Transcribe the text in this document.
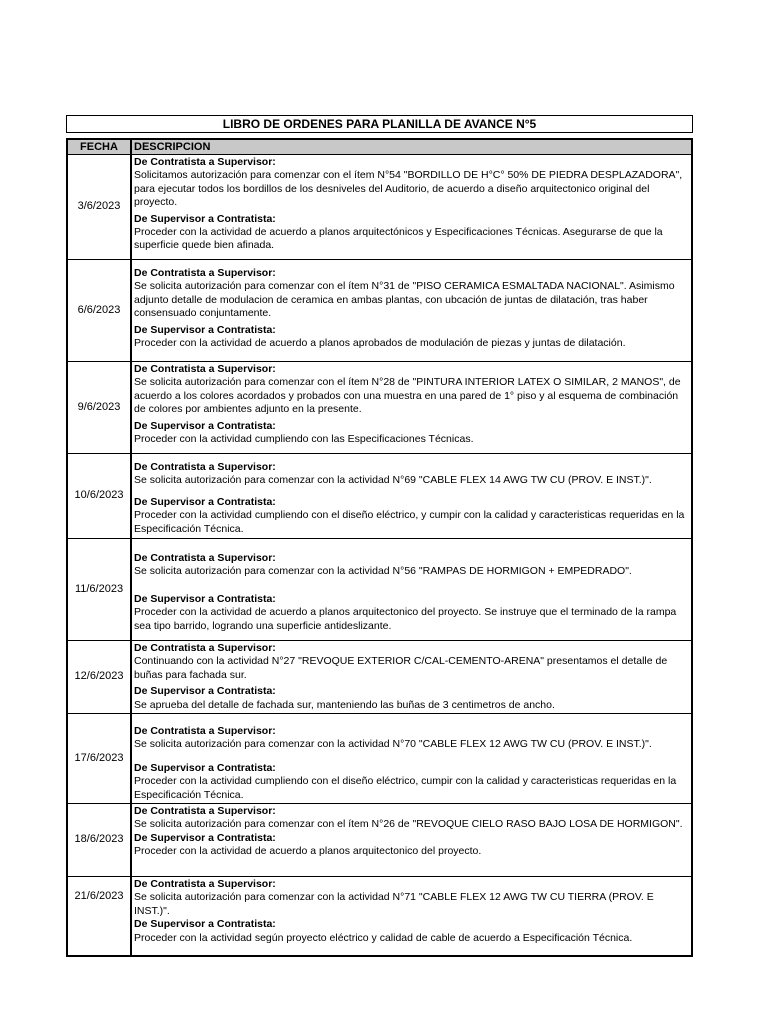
LIBRO DE ORDENES PARA PLANILLA DE AVANCE N°5
FECHA	DESCRIPCION
3/6/2023	De Contratista a Supervisor:
Solicitamos autorización para comenzar con el ítem N°54 "BORDILLO DE H°C° 50% DE PIEDRA DESPLAZADORA", para ejecutar todos los bordillos de los desniveles del Auditorio, de acuerdo a diseño arquitectonico original del proyecto.
De Supervisor a Contratista:
Proceder con la actividad de acuerdo a planos arquitectónicos y Especificaciones Técnicas. Asegurarse de que la superficie quede bien afinada.

6/6/2023	De Contratista a Supervisor:
Se solicita autorización para comenzar con el ítem N°31 de "PISO CERAMICA ESMALTADA NACIONAL". Asimismo adjunto detalle de modulacion de ceramica en ambas plantas, con ubcación de juntas de dilatación, tras haber consensuado conjuntamente.
De Supervisor a Contratista:
Proceder con la actividad de acuerdo a planos aprobados de modulación de piezas y juntas de dilatación.

9/6/2023	De Contratista a Supervisor:
Se solicita autorización para comenzar con el ítem N°28 de "PINTURA INTERIOR LATEX O SIMILAR, 2 MANOS", de acuerdo a los colores acordados y probados con una muestra en una pared de 1° piso y al esquema de combinación de colores por ambientes adjunto en la presente.
De Supervisor a Contratista:
Proceder con la actividad cumpliendo con las Especificaciones Técnicas.

10/6/2023	De Contratista a Supervisor:
Se solicita autorización para comenzar con la actividad N°69 "CABLE FLEX 14 AWG TW CU (PROV. E INST.)".
De Supervisor a Contratista:
Proceder con la actividad cumpliendo con el diseño eléctrico, y cumpir con la calidad y caracteristicas requeridas en la Especificación Técnica.

11/6/2023	De Contratista a Supervisor:
Se solicita autorización para comenzar con la actividad N°56 "RAMPAS DE HORMIGON + EMPEDRADO".
De Supervisor a Contratista:
Proceder con la actividad de acuerdo a planos arquitectonico del proyecto. Se instruye que el terminado de la rampa sea tipo barrido, logrando una superficie antideslizante.

12/6/2023	De Contratista a Supervisor:
Continuando con la actividad N°27 "REVOQUE EXTERIOR C/CAL-CEMENTO-ARENA" presentamos el detalle de buñas para fachada sur.
De Supervisor a Contratista:
Se aprueba del detalle de fachada sur, manteniendo las buñas de 3 centimetros de ancho.

17/6/2023	De Contratista a Supervisor:
Se solicita autorización para comenzar con la actividad N°70 "CABLE FLEX 12 AWG TW CU (PROV. E INST.)".
De Supervisor a Contratista:
Proceder con la actividad cumpliendo con el diseño eléctrico, cumpir con la calidad y caracteristicas requeridas en la Especificación Técnica.

18/6/2023	De Contratista a Supervisor:
Se solicita autorización para comenzar con el ítem N°26 de "REVOQUE CIELO RASO BAJO LOSA DE HORMIGON".
De Supervisor a Contratista:
Proceder con la actividad de acuerdo a planos arquitectonico del proyecto.

21/6/2023	De Contratista a Supervisor:
Se solicita autorización para comenzar con la actividad N°71 "CABLE FLEX 12 AWG TW CU TIERRA (PROV. E INST.)".
De Supervisor a Contratista:
Proceder con la actividad según proyecto eléctrico y calidad de cable de acuerdo a Especificación Técnica.
